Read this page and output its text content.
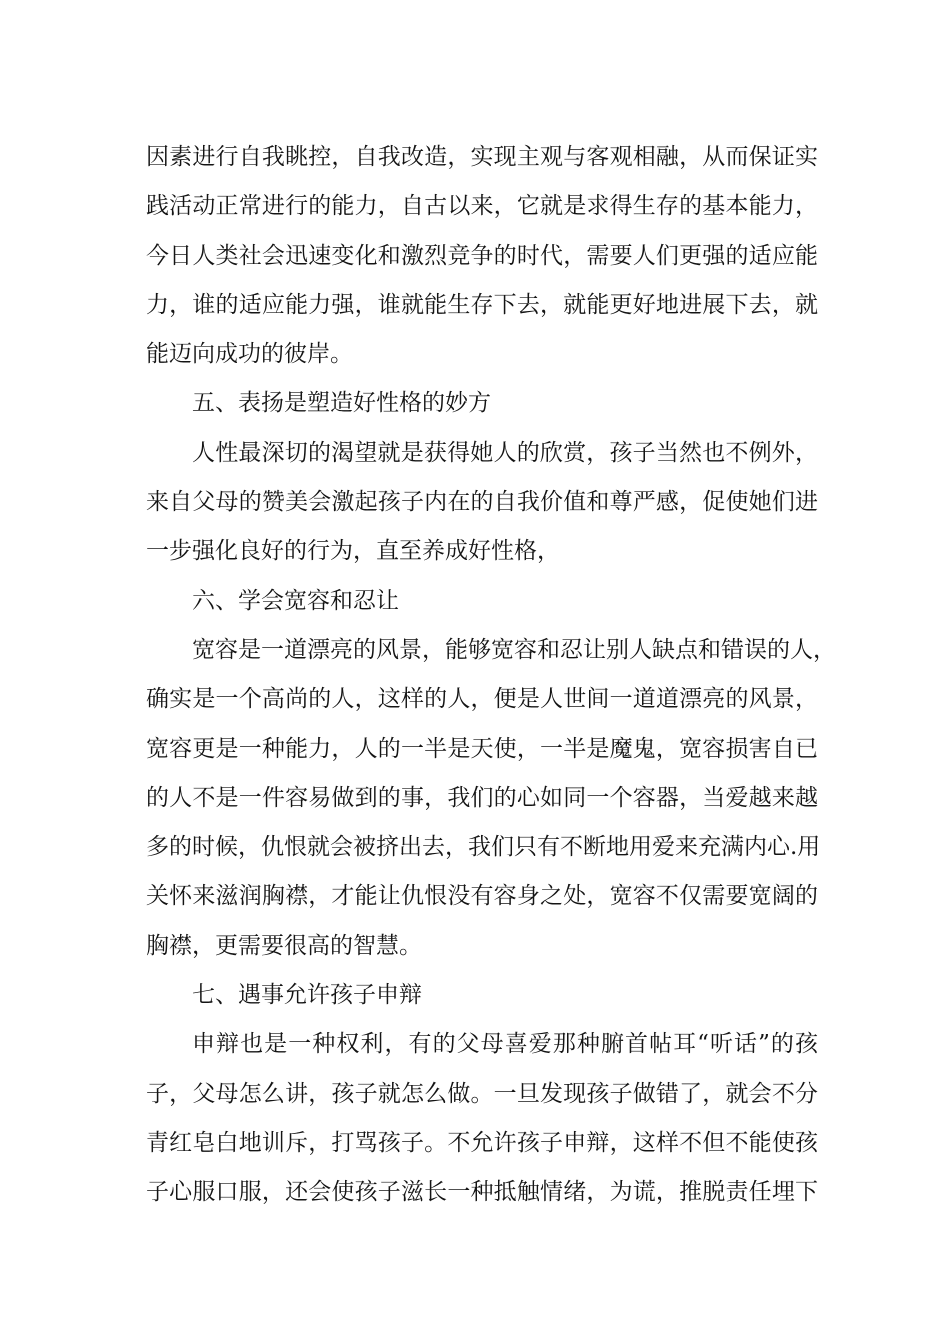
因素进行自我眺控，自我改造，实现主观与客观相融，从而保证实
践活动正常进行的能力，自古以来，它就是求得生存的基本能力，
今日人类社会迅速变化和激烈竞争的时代，需要人们更强的适应能
力，谁的适应能力强，谁就能生存下去，就能更好地进展下去，就
能迈向成功的彼岸。
五、表扬是塑造好性格的妙方
人性最深切的渴望就是获得她人的欣赏，孩子当然也不例外，
来自父母的赞美会激起孩子内在的自我价值和尊严感，促使她们进
一步强化良好的行为，直至养成好性格，
六、学会宽容和忍让
宽容是一道漂亮的风景，能够宽容和忍让别人缺点和错误的人，
确实是一个高尚的人，这样的人，便是人世间一道道漂亮的风景，
宽容更是一种能力，人的一半是天使，一半是魔鬼，宽容损害自已
的人不是一件容易做到的事，我们的心如同一个容器，当爱越来越
多的时候，仇恨就会被挤出去，我们只有不断地用爱来充满内心.用
关怀来滋润胸襟，才能让仇恨没有容身之处，宽容不仅需要宽阔的
胸襟，更需要很高的智慧。
七、遇事允许孩子申辩
申辩也是一种权利，有的父母喜爱那种腑首帖耳“听话”的孩
子，父母怎么讲，孩子就怎么做。一旦发现孩子做错了，就会不分
青红皂白地训斥，打骂孩子。不允许孩子申辩，这样不但不能使孩
子心服口服，还会使孩子滋长一种抵触情绪，为谎，推脱责任埋下
